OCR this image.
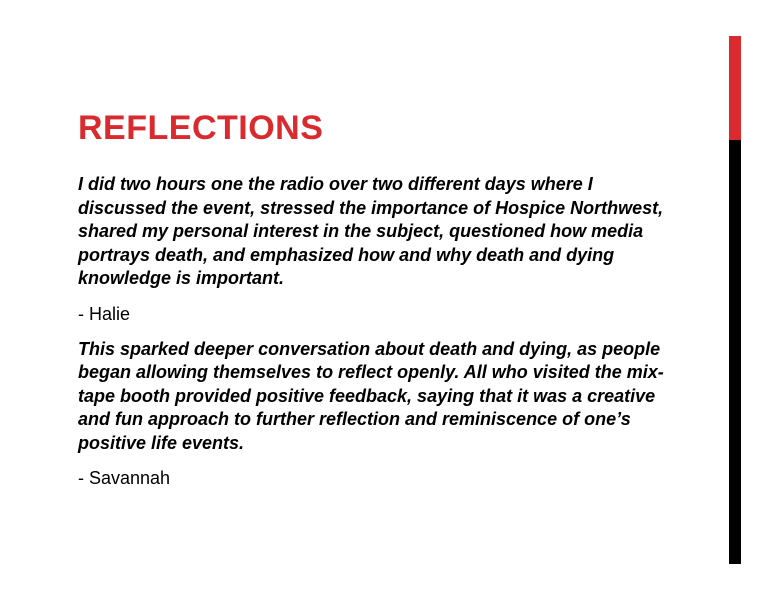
REFLECTIONS

I did two hours one the radio over two different days where I discussed the event, stressed the importance of Hospice Northwest, shared my personal interest in the subject, questioned how media portrays death, and emphasized how and why death and dying knowledge is important.

- Halie

This sparked deeper conversation about death and dying, as people began allowing themselves to reflect openly. All who visited the mix-tape booth provided positive feedback, saying that it was a creative and fun approach to further reflection and reminiscence of one’s positive life events.

- Savannah
